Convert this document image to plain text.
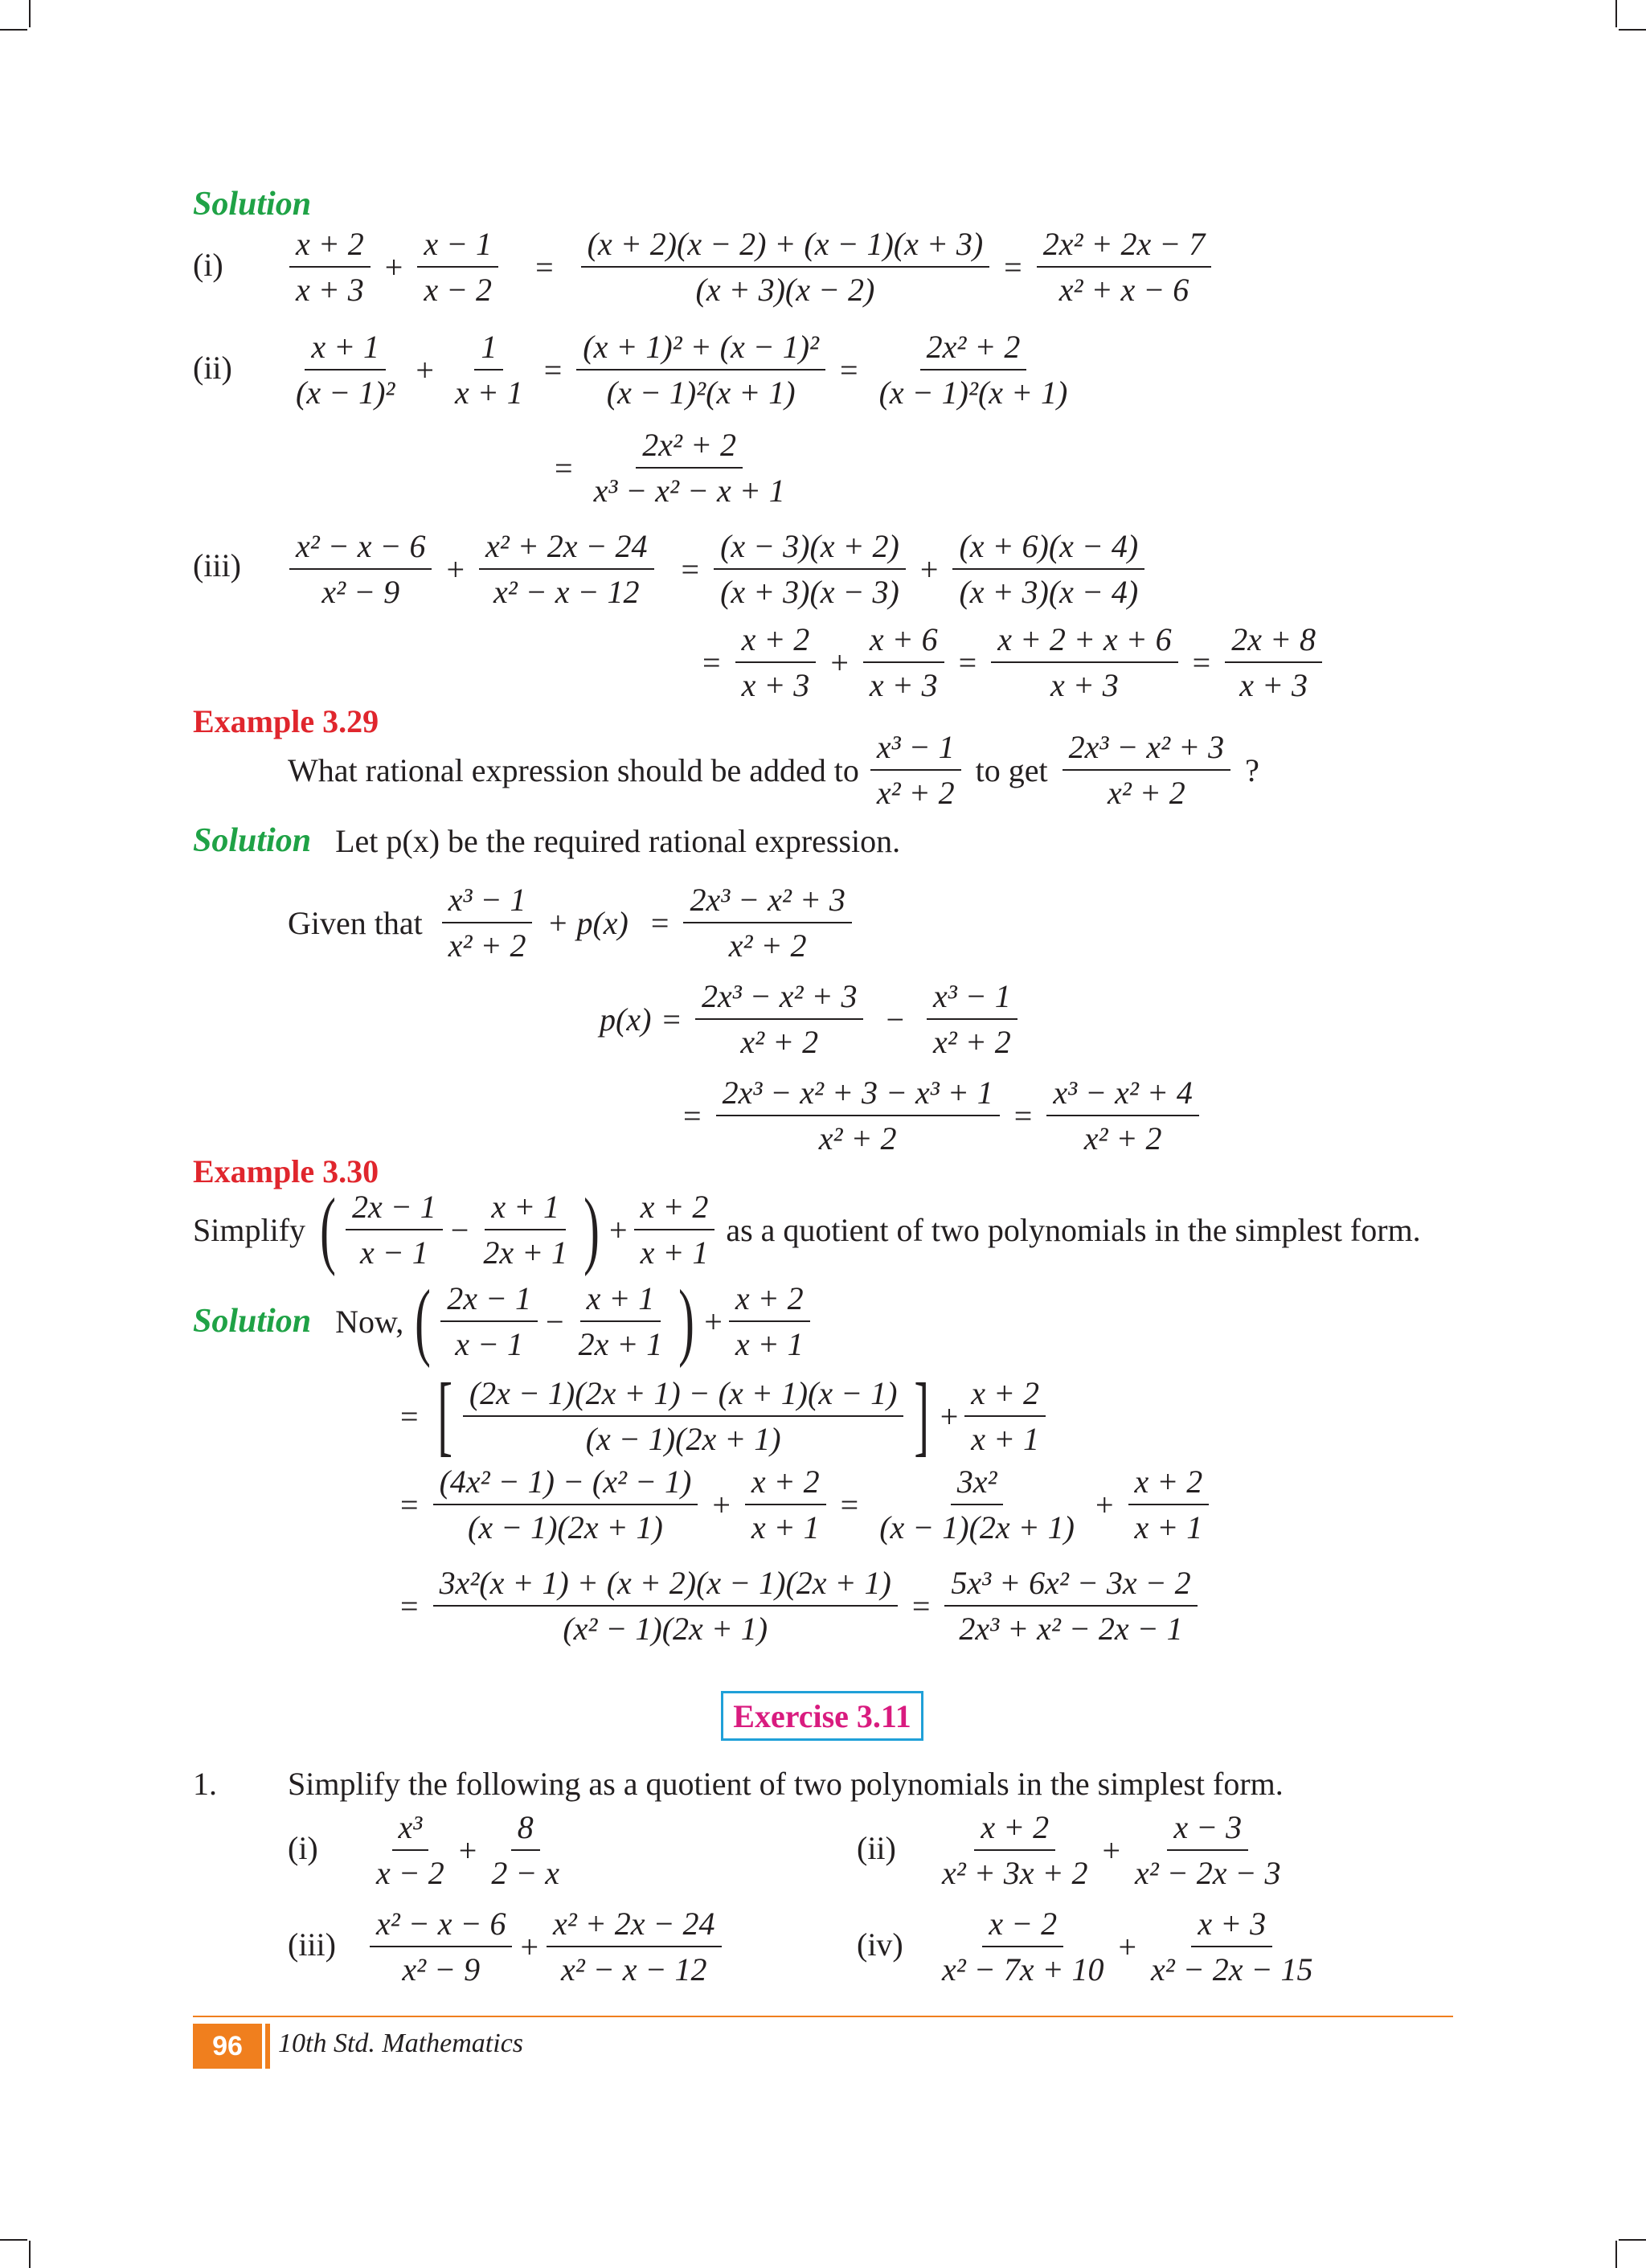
Solution
$(i) \frac{x + 2}{x + 3} + \frac{x - 1}{x - 2} = \frac{(x + 2)(x - 2) + (x - 1)(x + 3)}{(x + 3)(x - 2)} = \frac{\text{2x² + 2x − 7}}{\text{x² + x − 6}}$
$(ii) \frac{x + 1}{\text{(x − 1)²}} + \frac{1}{x + 1} = \frac{\text{(x + 1)² + (x − 1)²}}{\text{(x − 1)²(x + 1)}} = \frac{\text{2x² + 2}}{\text{(x − 1)²(x + 1)}}$
= $\frac{\text{2x² + 2}}{\text{x³ − x² − x + 1}}$
$(iii) \frac{\text{x² − x − 6}}{\text{x² − 9}} + \frac{\text{x² + 2x − 24}}{\text{x² − x − 12}} = \frac{(x - 3)(x + 2)}{(x + 3)(x - 3)} + \frac{(x + 6)(x - 4)}{(x + 3)(x - 4)}$
= $\frac{x + 2}{x + 3} + \frac{x + 6}{x + 3} = \frac{x + 2 + x + 6}{x + 3} = \frac{2x + 8}{x + 3}$
Example 3.29
What rational expression should be added to $\frac{\text{x³ − 1}}{\text{x² + 2}}$ to get $\frac{\text{2x³ − x² + 3}}{\text{x² + 2}}$ ?
Solution Let p(x) be the required rational expression.
Given that $\frac{\text{x³ − 1}}{\text{x² + 2}} + p(x) = \frac{\text{2x³ − x² + 3}}{\text{x² + 2}}$
$p(x) = \frac{\text{2x³ − x² + 3}}{\text{x² + 2}} - \frac{\text{x³ − 1}}{\text{x² + 2}}$
= $\frac{\text{2x³ − x² + 3 − x³ + 1}}{\text{x² + 2}} = \frac{\text{x³ − x² + 4}}{\text{x² + 2}}$
Example 3.30
Simplify ( $\frac{2x - 1}{x - 1} - \frac{x + 1}{2x + 1}$ ) + $\frac{x + 2}{x + 1}$ as a quotient of two polynomials in the simplest form.
Solution Now, ( $\frac{2x - 1}{x - 1} - \frac{x + 1}{2x + 1}$ ) + $\frac{x + 2}{x + 1}$
= [ $\frac{(2x - 1)(2x + 1) - (x + 1)(x - 1)}{(x - 1)(2x + 1)}$ ] + $\frac{x + 2}{x + 1}$
= $\frac{\text{(4x² − 1) − (x² − 1)}}{(x - 1)(2x + 1)} + \frac{x + 2}{x + 1} = \frac{\text{3x²}}{(x - 1)(2x + 1)} + \frac{x + 2}{x + 1}$
= $\frac{\text{3x²(x + 1) + (x + 2)(x − 1)(2x + 1)}}{\text{(x² − 1)(2x + 1)}} = \frac{\text{5x³ + 6x² − 3x − 2}}{\text{2x³ + x² − 2x − 1}}$
Exercise 3.11
1. Simplify the following as a quotient of two polynomials in the simplest form.
$(i) \frac{\text{x³}}{x - 2} + \frac{8}{2 - x}$	$(ii) \frac{x + 2}{\text{x² + 3x + 2}} + \frac{x - 3}{\text{x² − 2x − 3}}$
$(iii) \frac{\text{x² − x − 6}}{\text{x² − 9}} + \frac{\text{x² + 2x − 24}}{\text{x² − x − 12}}$	$(iv) \frac{x - 2}{\text{x² − 7x + 10}} + \frac{x + 3}{\text{x² − 2x − 15}}$
96	10th Std. Mathematics
